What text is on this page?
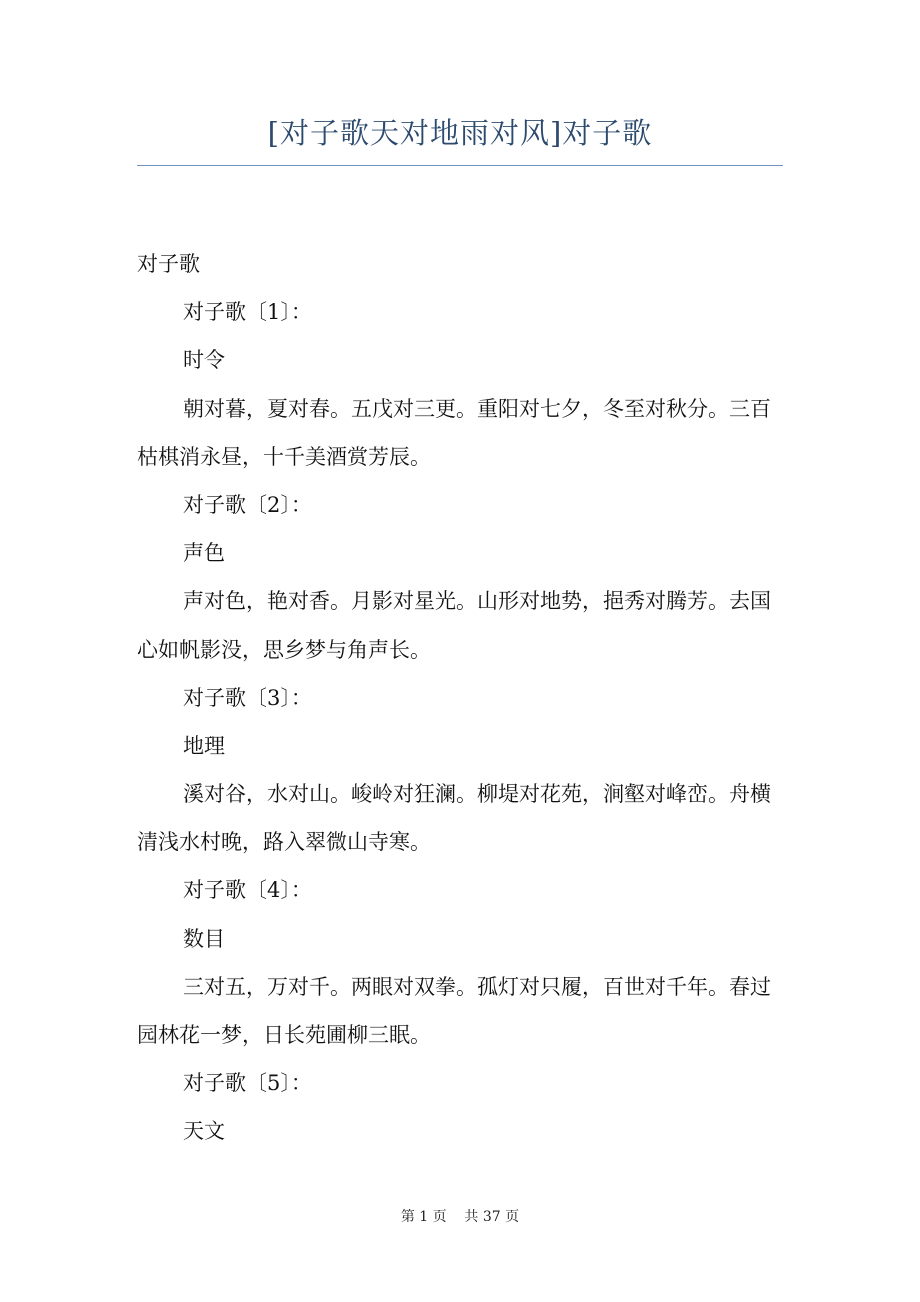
[对子歌天对地雨对风]对子歌
对子歌
对子歌〔1〕：
时令
朝对暮，夏对春。五戊对三更。重阳对七夕，冬至对秋分。三百
枯棋消永昼，十千美酒赏芳辰。
对子歌〔2〕：
声色
声对色，艳对香。月影对星光。山形对地势，挹秀对腾芳。去国
心如帆影没，思乡梦与角声长。
对子歌〔3〕：
地理
溪对谷，水对山。峻岭对狂澜。柳堤对花苑，涧壑对峰峦。舟横
清浅水村晚，路入翠微山寺寒。
对子歌〔4〕：
数目
三对五，万对千。两眼对双拳。孤灯对只履，百世对千年。春过
园林花一梦，日长苑圃柳三眠。
对子歌〔5〕：
天文
第 1 页    共 37 页
